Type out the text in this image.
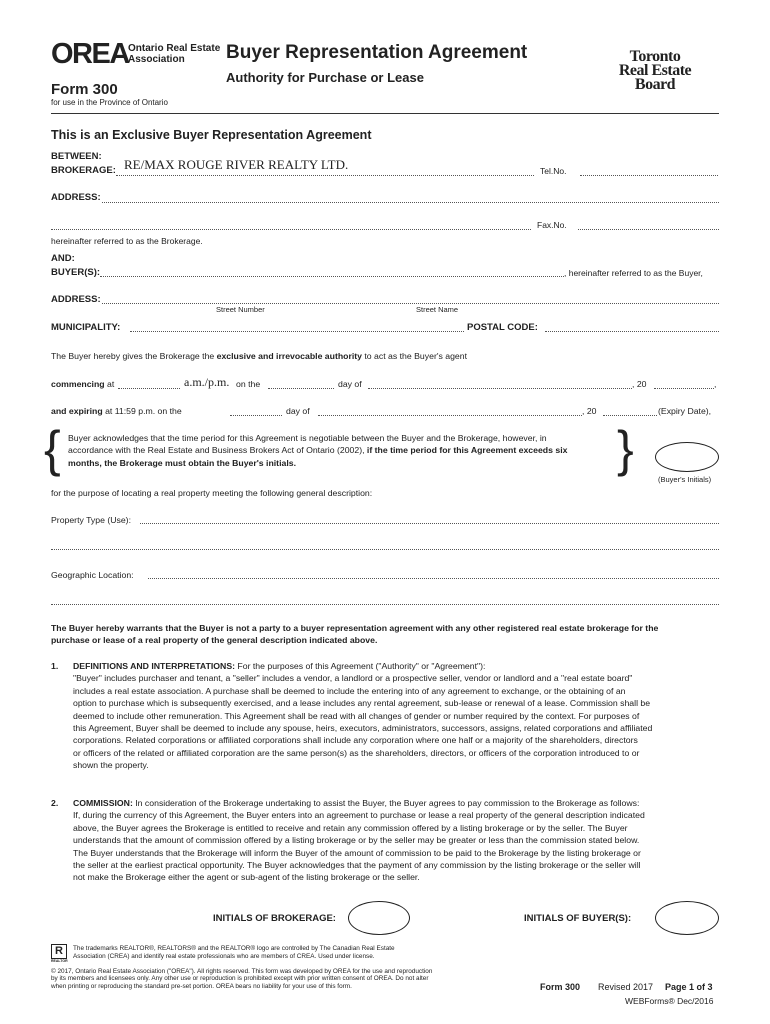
OREA Ontario Real Estate
Association
Form 300
for use in the Province of Ontario
Buyer Representation Agreement
Authority for Purchase or Lease
Toronto
Real Estate
Board
This is an Exclusive Buyer Representation Agreement
BETWEEN:
BROKERAGE: RE/MAX ROUGE RIVER REALTY LTD.	Tel.No.
ADDRESS:
Fax.No.
hereinafter referred to as the Brokerage.
AND:
BUYER(S):	, hereinafter referred to as the Buyer,
ADDRESS:
Street Number	Street Name
MUNICIPALITY:	POSTAL CODE:
The Buyer hereby gives the Brokerage the exclusive and irrevocable authority to act as the Buyer's agent
commencing at	a.m./p.m. on the	day of	, 20	,
and expiring at 11:59 p.m. on the	day of	, 20	(Expiry Date),
{ Buyer acknowledges that the time period for this Agreement is negotiable between the Buyer and the Brokerage, however, in
accordance with the Real Estate and Business Brokers Act of Ontario (2002), if the time period for this Agreement exceeds six
months, the Brokerage must obtain the Buyer's initials.	}
(Buyer's Initials)
for the purpose of locating a real property meeting the following general description:
Property Type (Use):
Geographic Location:
The Buyer hereby warrants that the Buyer is not a party to a buyer representation agreement with any other registered real estate brokerage for the
purchase or lease of a real property of the general description indicated above.
1. DEFINITIONS AND INTERPRETATIONS: For the purposes of this Agreement ("Authority" or "Agreement"):
"Buyer" includes purchaser and tenant, a "seller" includes a vendor, a landlord or a prospective seller, vendor or landlord and a "real estate board"
includes a real estate association. A purchase shall be deemed to include the entering into of any agreement to exchange, or the obtaining of an
option to purchase which is subsequently exercised, and a lease includes any rental agreement, sub-lease or renewal of a lease. Commission shall be
deemed to include other remuneration. This Agreement shall be read with all changes of gender or number required by the context. For purposes of
this Agreement, Buyer shall be deemed to include any spouse, heirs, executors, administrators, successors, assigns, related corporations and affiliated
corporations. Related corporations or affiliated corporations shall include any corporation where one half or a majority of the shareholders, directors
or officers of the related or affiliated corporation are the same person(s) as the shareholders, directors, or officers of the corporation introduced to or
shown the property.
2. COMMISSION: In consideration of the Brokerage undertaking to assist the Buyer, the Buyer agrees to pay commission to the Brokerage as follows:
If, during the currency of this Agreement, the Buyer enters into an agreement to purchase or lease a real property of the general description indicated
above, the Buyer agrees the Brokerage is entitled to receive and retain any commission offered by a listing brokerage or by the seller. The Buyer
understands that the amount of commission offered by a listing brokerage or by the seller may be greater or less than the commission stated below.
The Buyer understands that the Brokerage will inform the Buyer of the amount of commission to be paid to the Brokerage by the listing brokerage or
the seller at the earliest practical opportunity. The Buyer acknowledges that the payment of any commission by the listing brokerage or the seller will
not make the Brokerage either the agent or sub-agent of the listing brokerage or the seller.
INITIALS OF BROKERAGE:	INITIALS OF BUYER(S):
R
REALTOR
The trademarks REALTOR®, REALTORS® and the REALTOR® logo are controlled by The Canadian Real Estate
Association (CREA) and identify real estate professionals who are members of CREA. Used under license.
© 2017, Ontario Real Estate Association ("OREA"). All rights reserved. This form was developed by OREA for the use and reproduction
by its members and licensees only. Any other use or reproduction is prohibited except with prior written consent of OREA. Do not alter
when printing or reproducing the standard pre-set portion. OREA bears no liability for your use of this form.	Form 300 Revised 2017 Page 1 of 3
WEBForms® Dec/2016
